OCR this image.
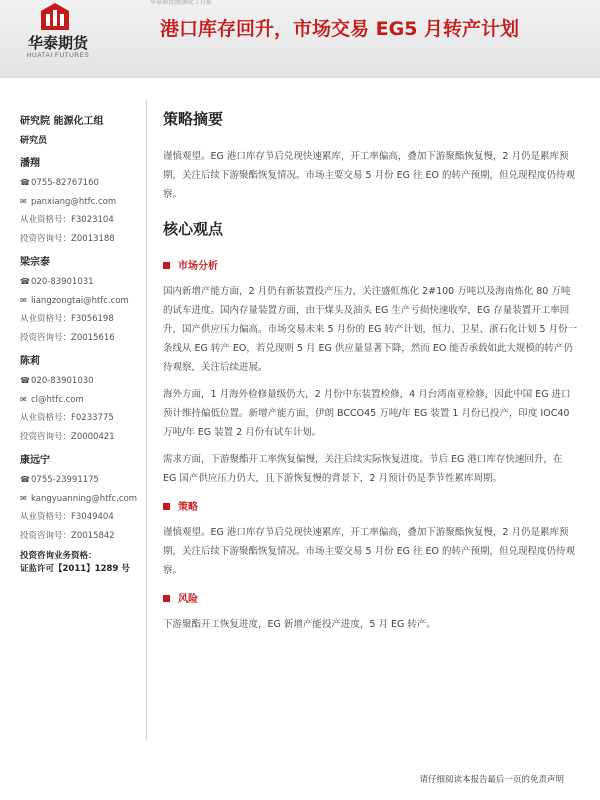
华泰期货|能源化工日报
华泰期货
HUATAI FUTURES
港口库存回升，市场交易 EG5 月转产计划
研究院 能源化工组
研究员
潘翔
☎0755-82767160
✉ panxiang@htfc.com
从业资格号：F3023104
投资咨询号：Z0013188
梁宗泰
☎020-83901031
✉ liangzongtai@htfc.com
从业资格号：F3056198
投资咨询号：Z0015616
陈莉
☎020-83901030
✉ cl@htfc.com
从业资格号：F0233775
投资咨询号：Z0000421
康远宁
☎0755-23991175
✉ kangyuanning@htfc.com
从业资格号：F3049404
投资咨询号：Z0015842
投资咨询业务资格：
证监许可【2011】1289 号
策略摘要

谨慎观望。EG 港口库存节后兑现快速累库，开工率偏高，叠加下游聚酯恢复慢，2 月仍是累库预期，关注后续下游聚酯恢复情况。市场主要交易 5 月份 EG 往 EO 的转产预期，但兑现程度仍待观察。

核心观点
市场分析

国内新增产能方面，2 月仍有新装置投产压力，关注盛虹炼化 2#100 万吨以及海南炼化 80 万吨的试车进度。国内存量装置方面，由于煤头及油头 EG 生产亏损快速收窄，EG 存量装置开工率回升，国产供应压力偏高。市场交易未来 5 月份的 EG 转产计划，恒力、卫星、浙石化计划 5 月份一条线从 EG 转产 EO，若兑现则 5 月 EG 供应量显著下降，然而 EO 能否承载如此大规模的转产仍待观察，关注后续进展。

海外方面，1 月海外检修量级仍大，2 月份中东装置检修，4 月台湾南亚检修，因此中国 EG 进口预计维持偏低位置。新增产能方面，伊朗 BCCO45 万吨/年 EG 装置 1 月份已投产，印度 IOC40 万吨/年 EG 装置 2 月份有试车计划。

需求方面，下游聚酯开工率恢复偏慢，关注后续实际恢复进度。节后 EG 港口库存快速回升，在 EG 国产供应压力仍大，且下游恢复慢的背景下，2 月预计仍是季节性累库周期。

策略

谨慎观望。EG 港口库存节后兑现快速累库，开工率偏高，叠加下游聚酯恢复慢，2 月仍是累库预期，关注后续下游聚酯恢复情况。市场主要交易 5 月份 EG 往 EO 的转产预期，但兑现程度仍待观察。

风险

下游聚酯开工恢复进度，EG 新增产能投产进度，5 月 EG 转产。

请仔细阅读本报告最后一页的免责声明
